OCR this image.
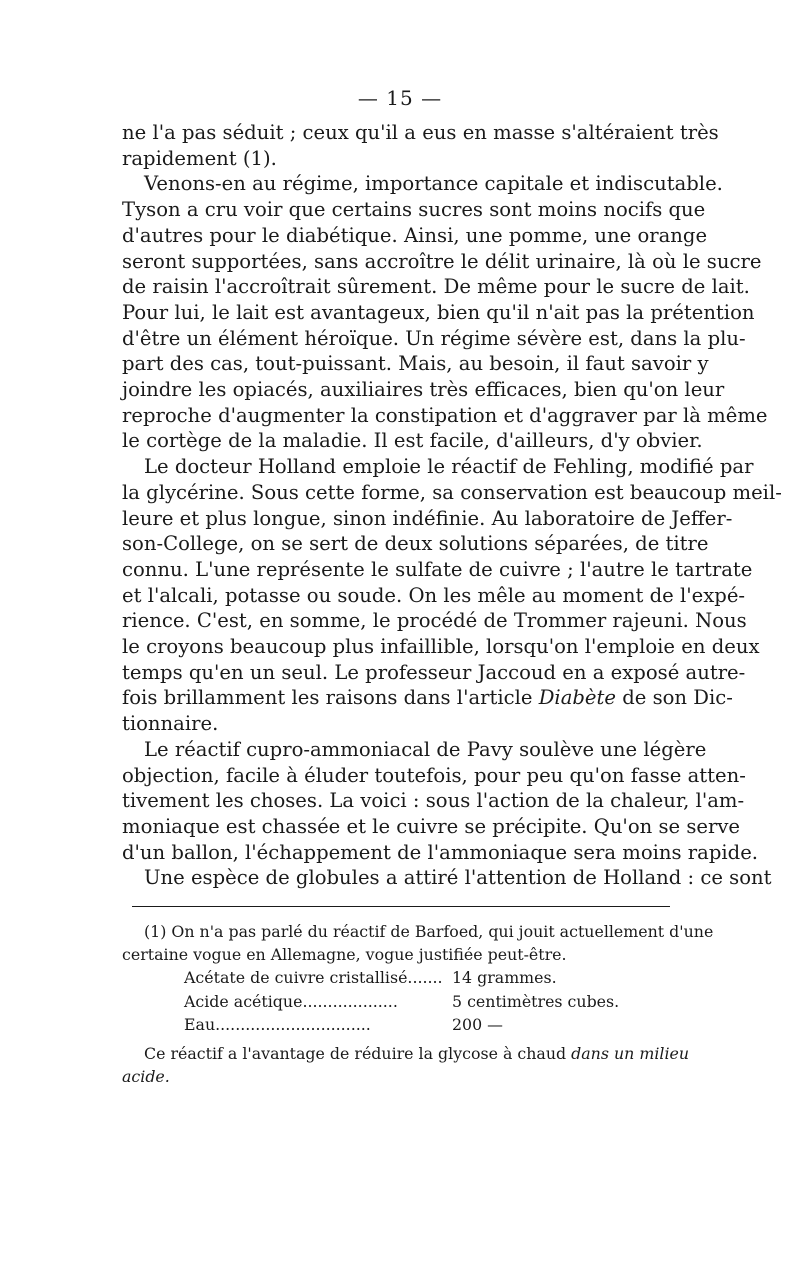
— 15 —
ne l'a pas séduit ; ceux qu'il a eus en masse s'altéraient très
rapidement (1).
Venons-en au régime, importance capitale et indiscutable.
Tyson a cru voir que certains sucres sont moins nocifs que
d'autres pour le diabétique. Ainsi, une pomme, une orange
seront supportées, sans accroître le délit urinaire, là où le sucre
de raisin l'accroîtrait sûrement. De même pour le sucre de lait.
Pour lui, le lait est avantageux, bien qu'il n'ait pas la prétention
d'être un élément héroïque. Un régime sévère est, dans la plu-
part des cas, tout-puissant. Mais, au besoin, il faut savoir y
joindre les opiacés, auxiliaires très efficaces, bien qu'on leur
reproche d'augmenter la constipation et d'aggraver par là même
le cortège de la maladie. Il est facile, d'ailleurs, d'y obvier.
Le docteur Holland emploie le réactif de Fehling, modifié par
la glycérine. Sous cette forme, sa conservation est beaucoup meil-
leure et plus longue, sinon indéfinie. Au laboratoire de Jeffer-
son-College, on se sert de deux solutions séparées, de titre
connu. L'une représente le sulfate de cuivre ; l'autre le tartrate
et l'alcali, potasse ou soude. On les mêle au moment de l'expé-
rience. C'est, en somme, le procédé de Trommer rajeuni. Nous
le croyons beaucoup plus infaillible, lorsqu'on l'emploie en deux
temps qu'en un seul. Le professeur Jaccoud en a exposé autre-
fois brillamment les raisons dans l'article Diabète de son Dic-
tionnaire.
Le réactif cupro-ammoniacal de Pavy soulève une légère
objection, facile à éluder toutefois, pour peu qu'on fasse atten-
tivement les choses. La voici : sous l'action de la chaleur, l'am-
moniaque est chassée et le cuivre se précipite. Qu'on se serve
d'un ballon, l'échappement de l'ammoniaque sera moins rapide.
Une espèce de globules a attiré l'attention de Holland : ce sont
(1) On n'a pas parlé du réactif de Barfoed, qui jouit actuellement d'une
certaine vogue en Allemagne, vogue justifiée peut-être.
Acétate de cuivre cristallisé....... 14 grammes.
Acide acétique...................	5 centimètres cubes.
Eau...............................	200 —
Ce réactif a l'avantage de réduire la glycose à chaud dans un milieu
acide.
